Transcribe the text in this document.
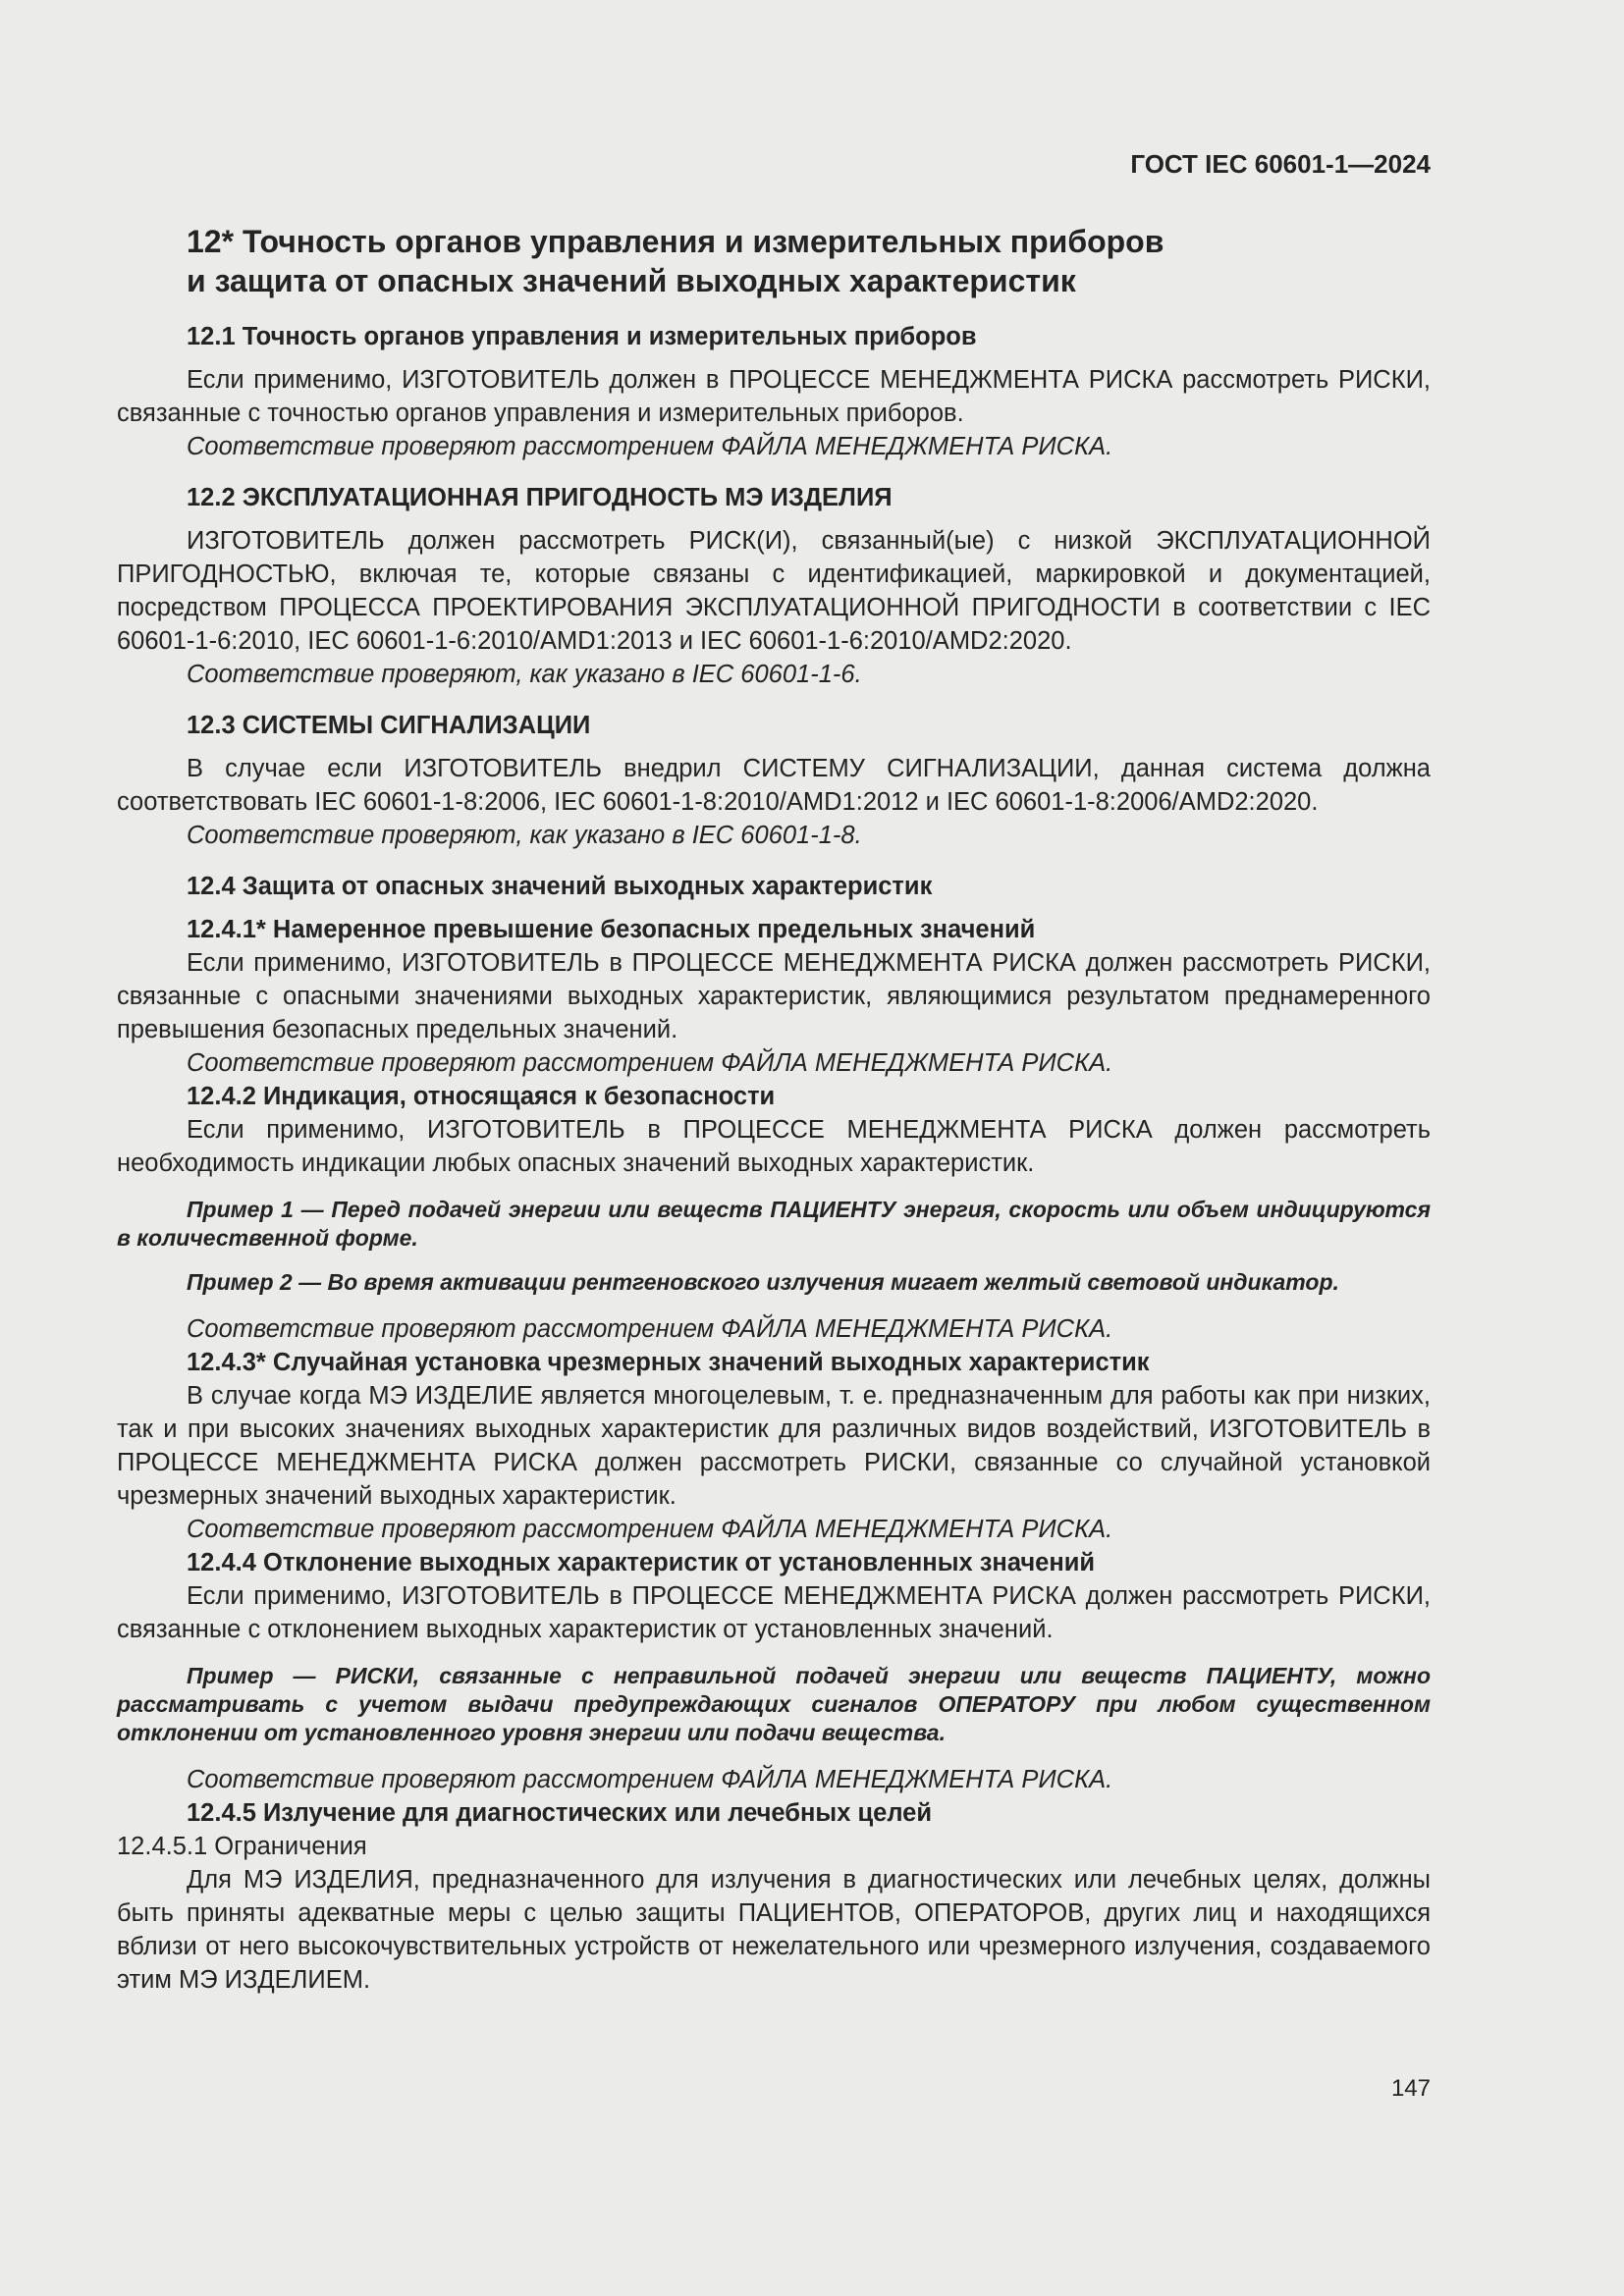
ГОСТ IEC 60601-1—2024
12* Точность органов управления и измерительных приборов
и защита от опасных значений выходных характеристик
12.1 Точность органов управления и измерительных приборов

Если применимо, ИЗГОТОВИТЕЛЬ должен в ПРОЦЕССЕ МЕНЕДЖМЕНТА РИСКА рассмотреть РИСКИ, связанные с точностью органов управления и измерительных приборов.

Соответствие проверяют рассмотрением ФАЙЛА МЕНЕДЖМЕНТА РИСКА.

12.2 ЭКСПЛУАТАЦИОННАЯ ПРИГОДНОСТЬ МЭ ИЗДЕЛИЯ

ИЗГОТОВИТЕЛЬ должен рассмотреть РИСК(И), связанный(ые) с низкой ЭКСПЛУАТАЦИОННОЙ ПРИГОДНОСТЬЮ, включая те, которые связаны с идентификацией, маркировкой и документацией, посредством ПРОЦЕССА ПРОЕКТИРОВАНИЯ ЭКСПЛУАТАЦИОННОЙ ПРИГОДНОСТИ в соответствии с IEC 60601-1-6:2010, IEC 60601-1-6:2010/AMD1:2013 и IEC 60601-1-6:2010/AMD2:2020.

Соответствие проверяют, как указано в IEC 60601-1-6.

12.3 СИСТЕМЫ СИГНАЛИЗАЦИИ

В случае если ИЗГОТОВИТЕЛЬ внедрил СИСТЕМУ СИГНАЛИЗАЦИИ, данная система должна соответствовать IEC 60601-1-8:2006, IEC 60601-1-8:2010/AMD1:2012 и IEC 60601-1-8:2006/AMD2:2020.

Соответствие проверяют, как указано в IEC 60601-1-8.

12.4 Защита от опасных значений выходных характеристик
12.4.1* Намеренное превышение безопасных предельных значений

Если применимо, ИЗГОТОВИТЕЛЬ в ПРОЦЕССЕ МЕНЕДЖМЕНТА РИСКА должен рассмотреть РИСКИ, связанные с опасными значениями выходных характеристик, являющимися результатом преднамеренного превышения безопасных предельных значений.

Соответствие проверяют рассмотрением ФАЙЛА МЕНЕДЖМЕНТА РИСКА.

12.4.2 Индикация, относящаяся к безопасности

Если применимо, ИЗГОТОВИТЕЛЬ в ПРОЦЕССЕ МЕНЕДЖМЕНТА РИСКА должен рассмотреть необходимость индикации любых опасных значений выходных характеристик.

Пример 1 — Перед подачей энергии или веществ ПАЦИЕНТУ энергия, скорость или объем индицируются в количественной форме.

Пример 2 — Во время активации рентгеновского излучения мигает желтый световой индикатор.

Соответствие проверяют рассмотрением ФАЙЛА МЕНЕДЖМЕНТА РИСКА.

12.4.3* Случайная установка чрезмерных значений выходных характеристик

В случае когда МЭ ИЗДЕЛИЕ является многоцелевым, т. е. предназначенным для работы как при низких, так и при высоких значениях выходных характеристик для различных видов воздействий, ИЗГОТОВИТЕЛЬ в ПРОЦЕССЕ МЕНЕДЖМЕНТА РИСКА должен рассмотреть РИСКИ, связанные со случайной установкой чрезмерных значений выходных характеристик.

Соответствие проверяют рассмотрением ФАЙЛА МЕНЕДЖМЕНТА РИСКА.

12.4.4 Отклонение выходных характеристик от установленных значений

Если применимо, ИЗГОТОВИТЕЛЬ в ПРОЦЕССЕ МЕНЕДЖМЕНТА РИСКА должен рассмотреть РИСКИ, связанные с отклонением выходных характеристик от установленных значений.

Пример — РИСКИ, связанные с неправильной подачей энергии или веществ ПАЦИЕНТУ, можно рассматривать с учетом выдачи предупреждающих сигналов ОПЕРАТОРУ при любом существенном отклонении от установленного уровня энергии или подачи вещества.

Соответствие проверяют рассмотрением ФАЙЛА МЕНЕДЖМЕНТА РИСКА.

12.4.5 Излучение для диагностических или лечебных целей

12.4.5.1 Ограничения

Для МЭ ИЗДЕЛИЯ, предназначенного для излучения в диагностических или лечебных целях, должны быть приняты адекватные меры с целью защиты ПАЦИЕНТОВ, ОПЕРАТОРОВ, других лиц и находящихся вблизи от него высокочувствительных устройств от нежелательного или чрезмерного излучения, создаваемого этим МЭ ИЗДЕЛИЕМ.

147
